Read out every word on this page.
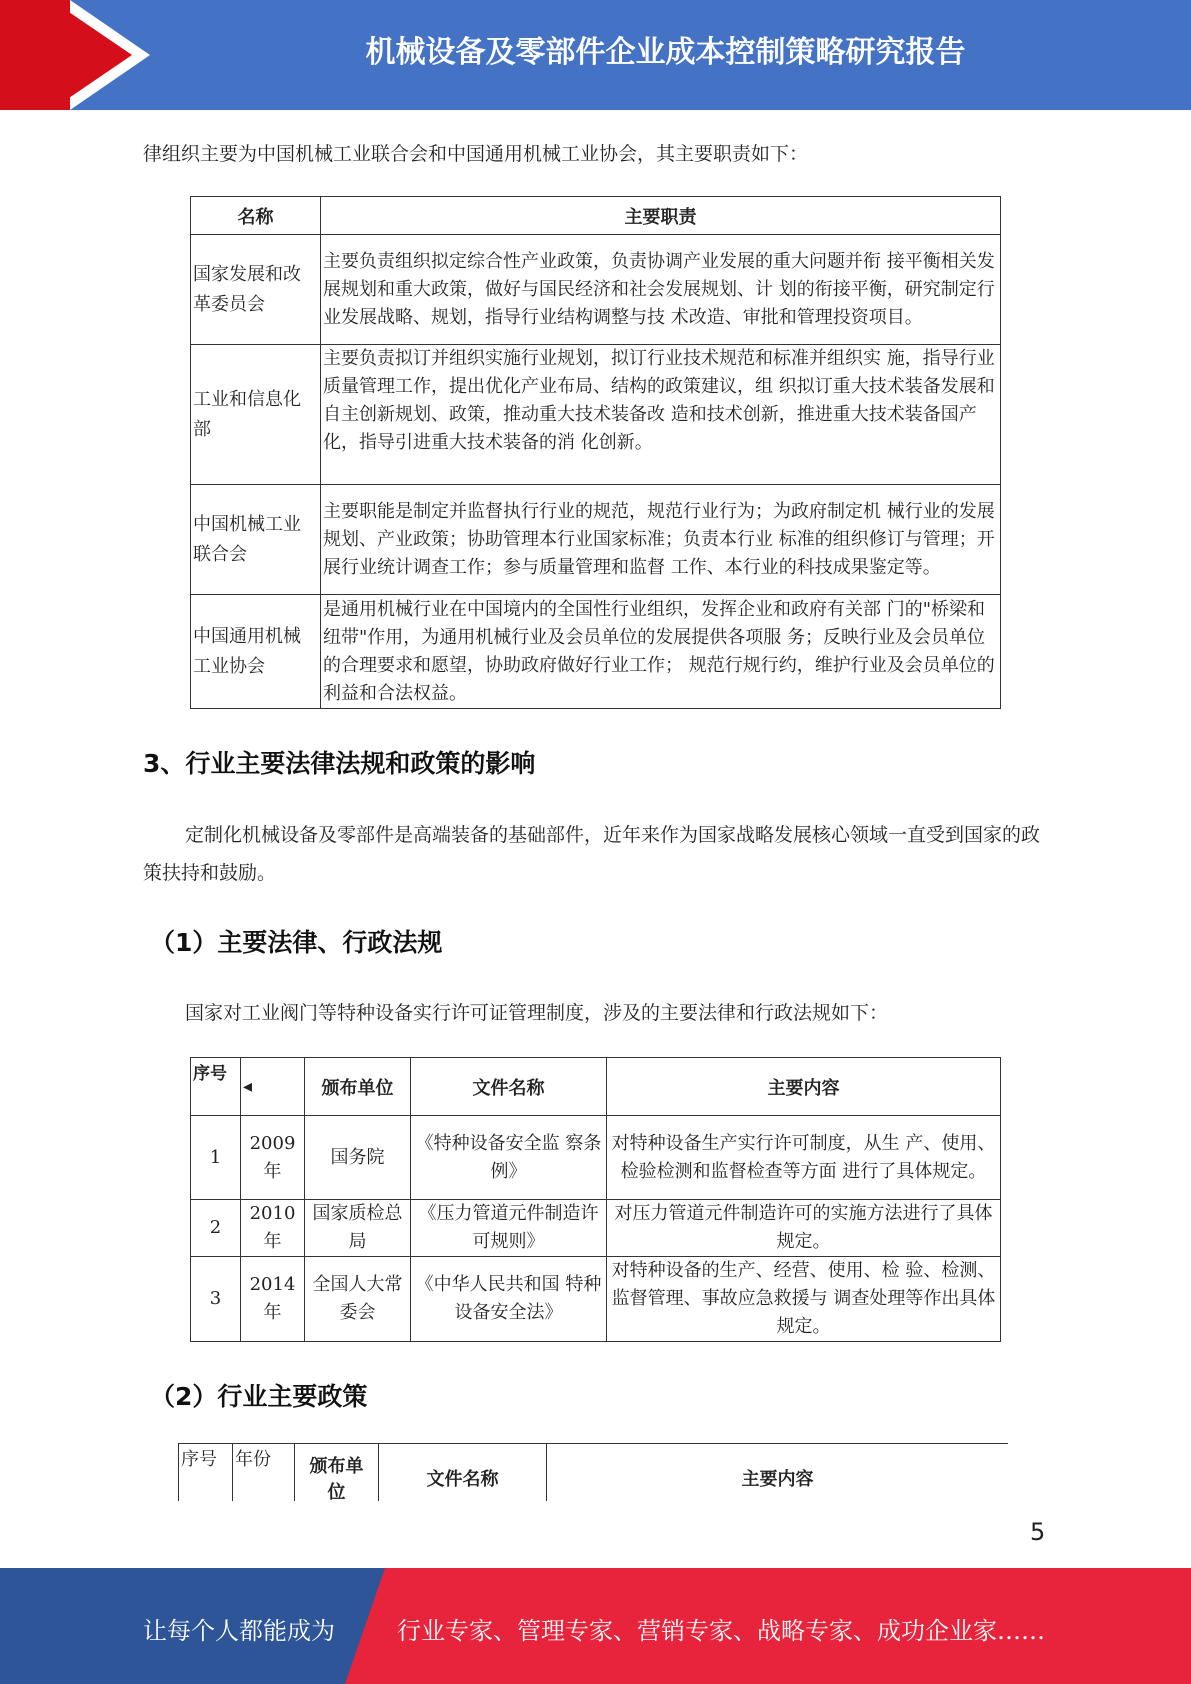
机械设备及零部件企业成本控制策略研究报告
律组织主要为中国机械工业联合会和中国通用机械工业协会，其主要职责如下：
名称	主要职责
国家发展和改革委员会	主要负责组织拟定综合性产业政策，负责协调产业发展的重大问题并衔 接平衡相关发展规划和重大政策，做好与国民经济和社会发展规划、计 划的衔接平衡，研究制定行业发展战略、规划，指导行业结构调整与技 术改造、审批和管理投资项目。
工业和信息化部	主要负责拟订并组织实施行业规划，拟订行业技术规范和标准并组织实 施，指导行业质量管理工作，提出优化产业布局、结构的政策建议，组 织拟订重大技术装备发展和自主创新规划、政策，推动重大技术装备改 造和技术创新，推进重大技术装备国产化，指导引进重大技术装备的消 化创新。
中国机械工业联合会	主要职能是制定并监督执行行业的规范，规范行业行为；为政府制定机 械行业的发展规划、产业政策；协助管理本行业国家标准；负责本行业 标准的组织修订与管理；开展行业统计调查工作；参与质量管理和监督 工作、本行业的科技成果鉴定等。
中国通用机械工业协会	是通用机械行业在中国境内的全国性行业组织，发挥企业和政府有关部 门的"桥梁和纽带"作用，为通用机械行业及会员单位的发展提供各项服 务；反映行业及会员单位的合理要求和愿望，协助政府做好行业工作； 规范行规行约，维护行业及会员单位的利益和合法权益。
3、行业主要法律法规和政策的影响
定制化机械设备及零部件是高端装备的基础部件，近年来作为国家战略发展核心领域一直受到国家的政策扶持和鼓励。
（1）主要法律、行政法规
国家对工业阀门等特种设备实行许可证管理制度，涉及的主要法律和行政法规如下：
序号	◂	颁布单位	文件名称	主要内容
1	2009年	国务院	《特种设备安全监 察条例》	对特种设备生产实行许可制度，从生 产、使用、检验检测和监督检查等方面 进行了具体规定。
2	2010年	国家质检总局	《压力管道元件制造许可规则》	对压力管道元件制造许可的实施方法进行了具体规定。
3	2014年	全国人大常委会	《中华人民共和国 特种设备安全法》	对特种设备的生产、经营、使用、检 验、检测、监督管理、事故应急救援与 调查处理等作出具体规定。
（2）行业主要政策
序号	年份	颁布单位	文件名称	主要内容
5
让每个人都能成为	行业专家、管理专家、营销专家、战略专家、成功企业家……
